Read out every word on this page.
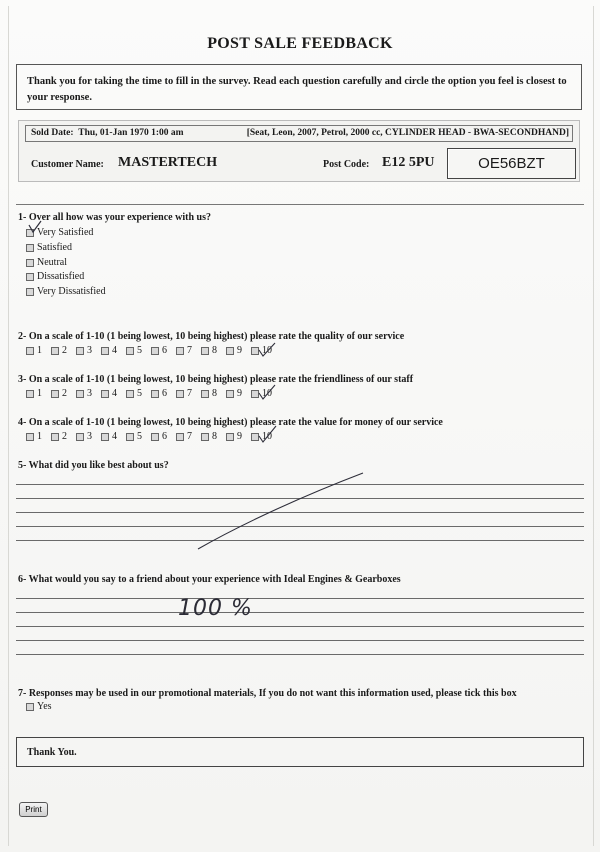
POST SALE FEEDBACK
Thank you for taking the time to fill in the survey. Read each question carefully and circle the option you feel is closest to your response.
Sold Date: Thu, 01-Jan 1970 1:00 am	[Seat, Leon, 2007, Petrol, 2000 cc, CYLINDER HEAD - BWA-SECONDHAND]
Customer Name: MASTERTECH	Post Code: E12 5PU	OE56BZT
1- Over all how was your experience with us?
Very Satisfied
Satisfied
Neutral
Dissatisfied
Very Dissatisfied
2- On a scale of 1-10 (1 being lowest, 10 being highest) please rate the quality of our service
1 2 3 4 5 6 7 8 9 10
3- On a scale of 1-10 (1 being lowest, 10 being highest) please rate the friendliness of our staff
1 2 3 4 5 6 7 8 9 10
4- On a scale of 1-10 (1 being lowest, 10 being highest) please rate the value for money of our service
1 2 3 4 5 6 7 8 9 10
5- What did you like best about us?
6- What would you say to a friend about your experience with Ideal Engines & Gearboxes
100 %
7- Responses may be used in our promotional materials, If you do not want this information used, please tick this box
Yes
Thank You.
Print
